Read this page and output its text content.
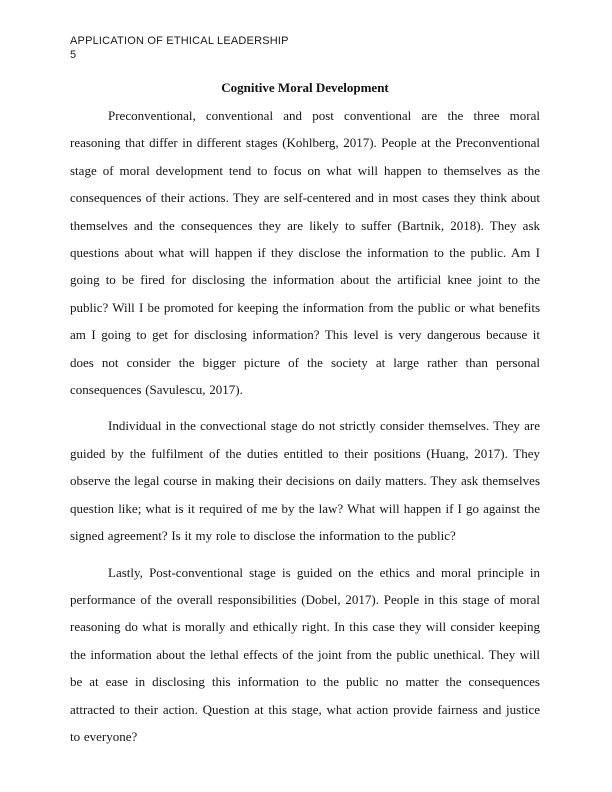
APPLICATION OF ETHICAL LEADERSHIP
5
Cognitive Moral Development

Preconventional, conventional and post conventional are the three moral reasoning that differ in different stages (Kohlberg, 2017). People at the Preconventional stage of moral development tend to focus on what will happen to themselves as the consequences of their actions. They are self-centered and in most cases they think about themselves and the consequences they are likely to suffer (Bartnik, 2018). They ask questions about what will happen if they disclose the information to the public. Am I going to be fired for disclosing the information about the artificial knee joint to the public? Will I be promoted for keeping the information from the public or what benefits am I going to get for disclosing information? This level is very dangerous because it does not consider the bigger picture of the society at large rather than personal consequences (Savulescu, 2017).

Individual in the convectional stage do not strictly consider themselves. They are guided by the fulfilment of the duties entitled to their positions (Huang, 2017). They observe the legal course in making their decisions on daily matters. They ask themselves question like; what is it required of me by the law? What will happen if I go against the signed agreement? Is it my role to disclose the information to the public?

Lastly, Post-conventional stage is guided on the ethics and moral principle in performance of the overall responsibilities (Dobel, 2017). People in this stage of moral reasoning do what is morally and ethically right. In this case they will consider keeping the information about the lethal effects of the joint from the public unethical. They will be at ease in disclosing this information to the public no matter the consequences attracted to their action. Question at this stage, what action provide fairness and justice to everyone?
